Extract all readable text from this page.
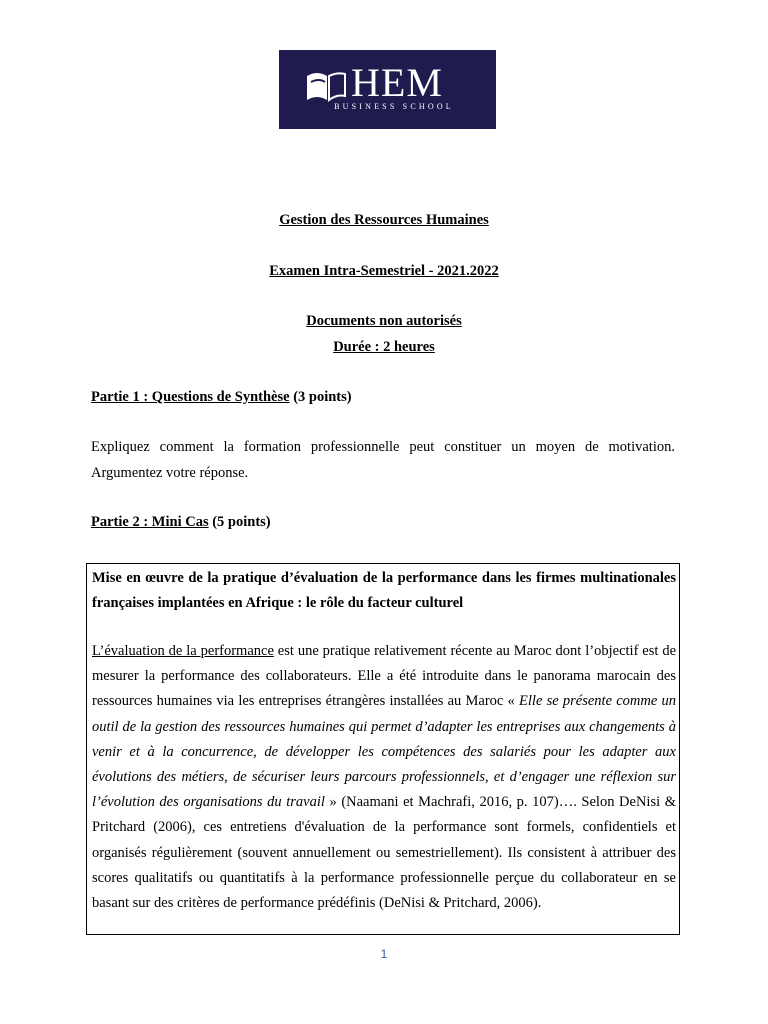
HEM
BUSINESS SCHOOL
Gestion des Ressources Humaines
Examen Intra-Semestriel - 2021.2022
Documents non autorisés
Durée : 2 heures
Partie 1 : Questions de Synthèse (3 points)
Expliquez comment la formation professionnelle peut constituer un moyen de motivation. Argumentez votre réponse.
Partie 2 : Mini Cas (5 points)
Mise en œuvre de la pratique d’évaluation de la performance dans les firmes multinationales françaises implantées en Afrique : le rôle du facteur culturel
L’évaluation de la performance est une pratique relativement récente au Maroc dont l’objectif est de mesurer la performance des collaborateurs. Elle a été introduite dans le panorama marocain des ressources humaines via les entreprises étrangères installées au Maroc « Elle se présente comme un outil de la gestion des ressources humaines qui permet d’adapter les entreprises aux changements à venir et à la concurrence, de développer les compétences des salariés pour les adapter aux évolutions des métiers, de sécuriser leurs parcours professionnels, et d’engager une réflexion sur l’évolution des organisations du travail » (Naamani et Machrafi, 2016, p. 107)…. Selon DeNisi & Pritchard (2006), ces entretiens d'évaluation de la performance sont formels, confidentiels et organisés régulièrement (souvent annuellement ou semestriellement). Ils consistent à attribuer des scores qualitatifs ou quantitatifs à la performance professionnelle perçue du collaborateur en se basant sur des critères de performance prédéfinis (DeNisi & Pritchard, 2006).
1
